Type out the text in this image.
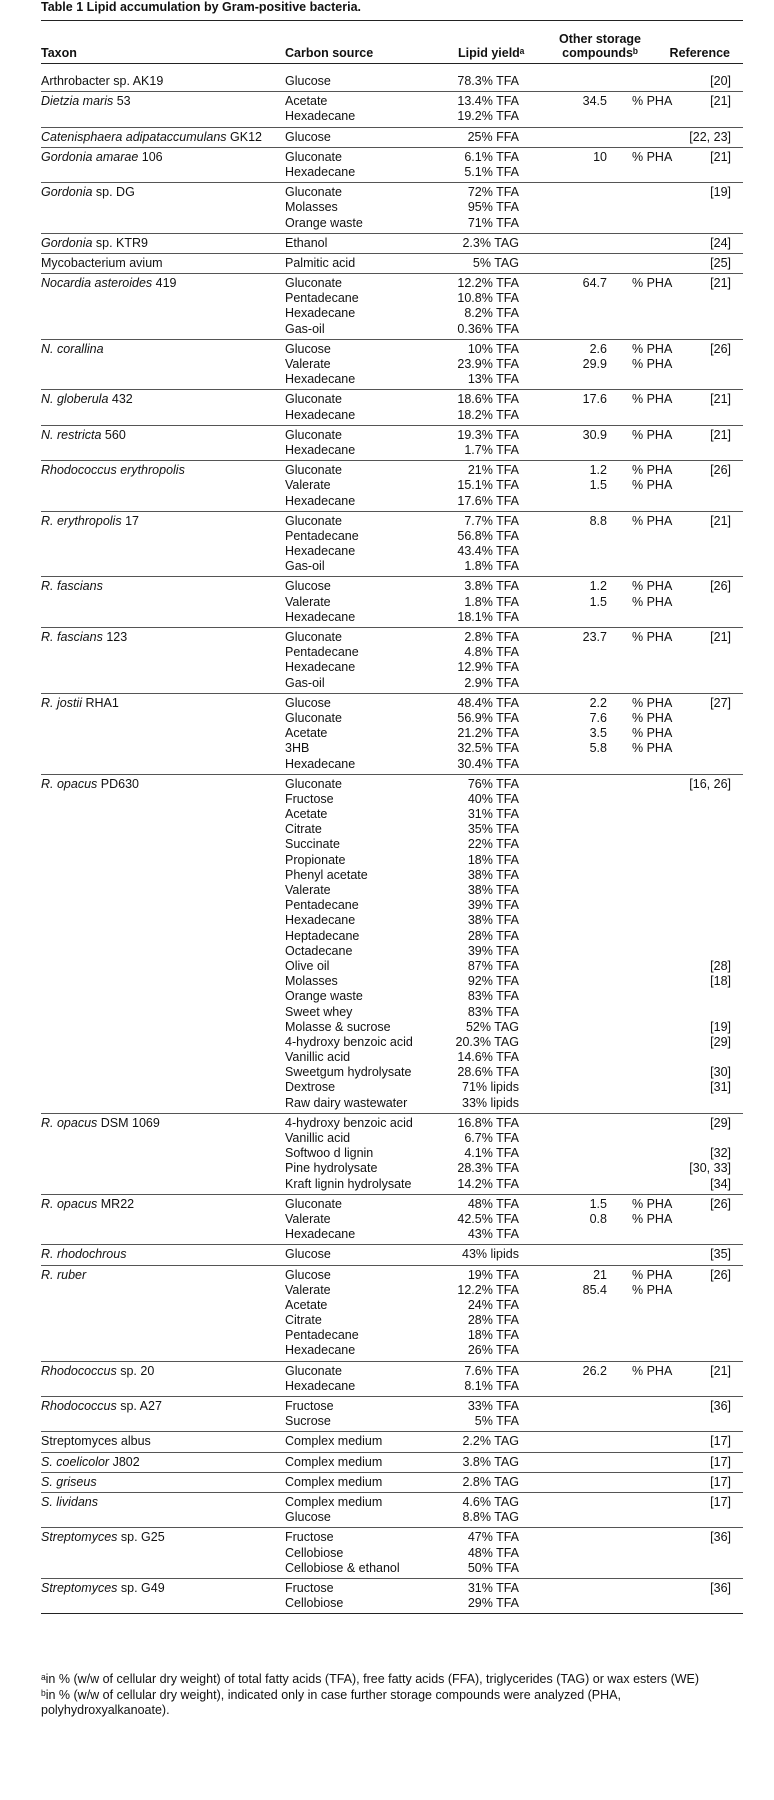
Table 1 Lipid accumulation by Gram-positive bacteria.
Taxon	Carbon source	Lipid yieldᵃ
Other storage
compoundsᵇ	Reference
Arthrobacter sp. AK19	Glucose	78.3% TFA	[20]
Dietzia maris 53	Acetate	13.4% TFA	34.5 % PHA	[21]
Hexadecane	19.2% TFA
Catenisphaera adipataccumulans GK12 Glucose	25% FFA	[22, 23]
Gordonia amarae 106	Gluconate	6.1% TFA	10 % PHA	[21]
Hexadecane	5.1% TFA
Gordonia sp. DG	Gluconate	72% TFA	[19]
Molasses	95% TFA
Orange waste	71% TFA
Gordonia sp. KTR9	Ethanol	2.3% TAG	[24]
Mycobacterium avium	Palmitic acid	5% TAG	[25]
Nocardia asteroides 419	Gluconate	12.2% TFA	64.7 % PHA	[21]
Pentadecane	10.8% TFA
Hexadecane	8.2% TFA
Gas-oil	0.36% TFA
N. corallina	Glucose	10% TFA	2.6 % PHA	[26]
Valerate	23.9% TFA	29.9 % PHA
Hexadecane	13% TFA
N. globerula 432	Gluconate	18.6% TFA	17.6 % PHA	[21]
Hexadecane	18.2% TFA
N. restricta 560	Gluconate	19.3% TFA	30.9 % PHA	[21]
Hexadecane	1.7% TFA
Rhodococcus erythropolis	Gluconate	21% TFA	1.2 % PHA	[26]
Valerate	15.1% TFA	1.5 % PHA
Hexadecane	17.6% TFA
R. erythropolis 17	Gluconate	7.7% TFA	8.8 % PHA	[21]
Pentadecane	56.8% TFA
Hexadecane	43.4% TFA
Gas-oil	1.8% TFA
R. fascians	Glucose	3.8% TFA	1.2 % PHA	[26]
Valerate	1.8% TFA	1.5 % PHA
Hexadecane	18.1% TFA
R. fascians 123	Gluconate	2.8% TFA	23.7 % PHA	[21]
Pentadecane	4.8% TFA
Hexadecane	12.9% TFA
Gas-oil	2.9% TFA
R. jostii RHA1	Glucose	48.4% TFA	2.2 % PHA	[27]
Gluconate	56.9% TFA	7.6 % PHA
Acetate	21.2% TFA	3.5 % PHA
3HB	32.5% TFA	5.8 % PHA
Hexadecane	30.4% TFA
R. opacus PD630	Gluconate	76% TFA	[16, 26]
Fructose	40% TFA
Acetate	31% TFA
Citrate	35% TFA
Succinate	22% TFA
Propionate	18% TFA
Phenyl acetate	38% TFA
Valerate	38% TFA
Pentadecane	39% TFA
Hexadecane	38% TFA
Heptadecane	28% TFA
Octadecane	39% TFA
Olive oil	87% TFA	[28]
Molasses	92% TFA	[18]
Orange waste	83% TFA
Sweet whey	83% TFA
Molasse & sucrose	52% TAG	[19]
4-hydroxy benzoic acid	20.3% TAG	[29]
Vanillic acid	14.6% TFA
Sweetgum hydrolysate	28.6% TFA	[30]
Dextrose	71% lipids	[31]
Raw dairy wastewater	33% lipids
R. opacus DSM 1069	4-hydroxy benzoic acid	16.8% TFA	[29]
Vanillic acid	6.7% TFA
Softwoo d lignin	4.1% TFA	[32]
Pine hydrolysate	28.3% TFA	[30, 33]
Kraft lignin hydrolysate	14.2% TFA	[34]
R. opacus MR22	Gluconate	48% TFA	1.5 % PHA	[26]
Valerate	42.5% TFA	0.8 % PHA
Hexadecane	43% TFA
R. rhodochrous	Glucose	43% lipids	[35]
R. ruber	Glucose	19% TFA	21 % PHA	[26]
Valerate	12.2% TFA	85.4 % PHA
Acetate	24% TFA
Citrate	28% TFA
Pentadecane	18% TFA
Hexadecane	26% TFA
Rhodococcus sp. 20	Gluconate	7.6% TFA	26.2 % PHA	[21]
Hexadecane	8.1% TFA
Rhodococcus sp. A27	Fructose	33% TFA	[36]
Sucrose	5% TFA
Streptomyces albus	Complex medium	2.2% TAG	[17]
S. coelicolor J802	Complex medium	3.8% TAG	[17]
S. griseus	Complex medium	2.8% TAG	[17]
S. lividans	Complex medium	4.6% TAG	[17]
Glucose	8.8% TAG
Streptomyces sp. G25	Fructose	47% TFA	[36]
Cellobiose	48% TFA
Cellobiose & ethanol	50% TFA
Streptomyces sp. G49	Fructose	31% TFA	[36]
Cellobiose	29% TFA
ᵃin % (w/w of cellular dry weight) of total fatty acids (TFA), free fatty acids (FFA), triglycerides (TAG) or wax esters (WE)
ᵇin % (w/w of cellular dry weight), indicated only in case further storage compounds were analyzed (PHA, polyhydroxyalkanoate).
